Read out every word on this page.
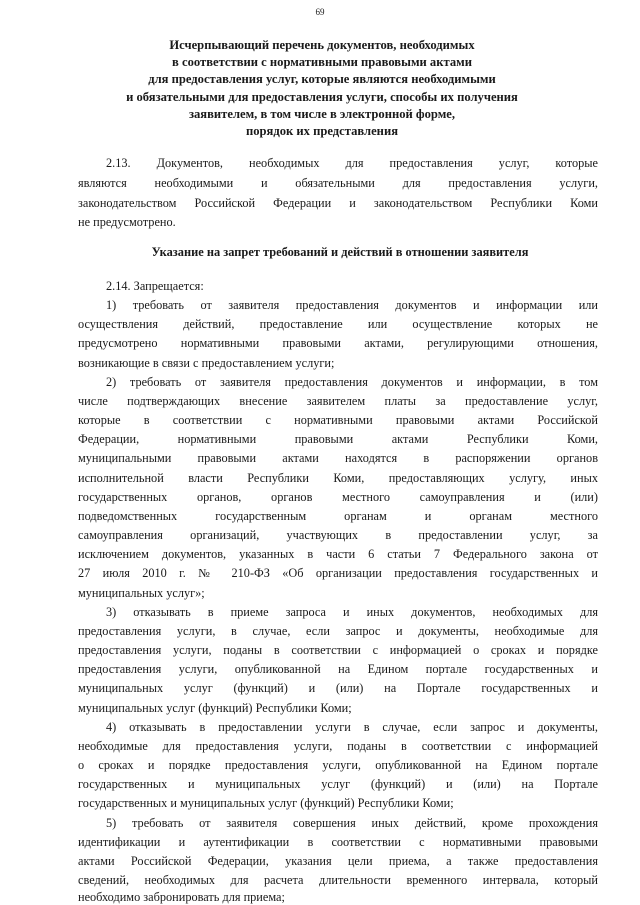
69
Исчерпывающий перечень документов, необходимых
в соответствии с нормативными правовыми актами
для предоставления услуг, которые являются необходимыми
и обязательными для предоставления услуги, способы их получения
заявителем, в том числе в электронной форме,
порядок их представления
Указание на запрет требований и действий в отношении заявителя
2.13. Документов, необходимых для предоставления услуг, которые
являются необходимыми и обязательными для предоставления услуги,
законодательством Российской Федерации и законодательством Республики Коми
не предусмотрено.
2.14. Запрещается:
1) требовать от заявителя предоставления документов и информации или
осуществления действий, предоставление или осуществление которых не
предусмотрено нормативными правовыми актами, регулирующими отношения,
возникающие в связи с предоставлением услуги;
2) требовать от заявителя предоставления документов и информации, в том
числе подтверждающих внесение заявителем платы за предоставление услуг,
которые в соответствии с нормативными правовыми актами Российской
Федерации, нормативными правовыми актами Республики Коми,
муниципальными правовыми актами находятся в распоряжении органов
исполнительной власти Республики Коми, предоставляющих услугу, иных
государственных органов, органов местного самоуправления и (или)
подведомственных государственным органам и органам местного
самоуправления организаций, участвующих в предоставлении услуг, за
исключением документов, указанных в части 6 статьи 7 Федерального закона от
27 июля 2010 г. № 210-ФЗ «Об организации предоставления государственных и
муниципальных услуг»;
3) отказывать в приеме запроса и иных документов, необходимых для
предоставления услуги, в случае, если запрос и документы, необходимые для
предоставления услуги, поданы в соответствии с информацией о сроках и порядке
предоставления услуги, опубликованной на Едином портале государственных и
муниципальных услуг (функций) и (или) на Портале государственных и
муниципальных услуг (функций) Республики Коми;
4) отказывать в предоставлении услуги в случае, если запрос и документы,
необходимые для предоставления услуги, поданы в соответствии с информацией
о сроках и порядке предоставления услуги, опубликованной на Едином портале
государственных и муниципальных услуг (функций) и (или) на Портале
государственных и муниципальных услуг (функций) Республики Коми;
5) требовать от заявителя совершения иных действий, кроме прохождения
идентификации и аутентификации в соответствии с нормативными правовыми
актами Российской Федерации, указания цели приема, а также предоставления
сведений, необходимых для расчета длительности временного интервала, который
необходимо забронировать для приема;
